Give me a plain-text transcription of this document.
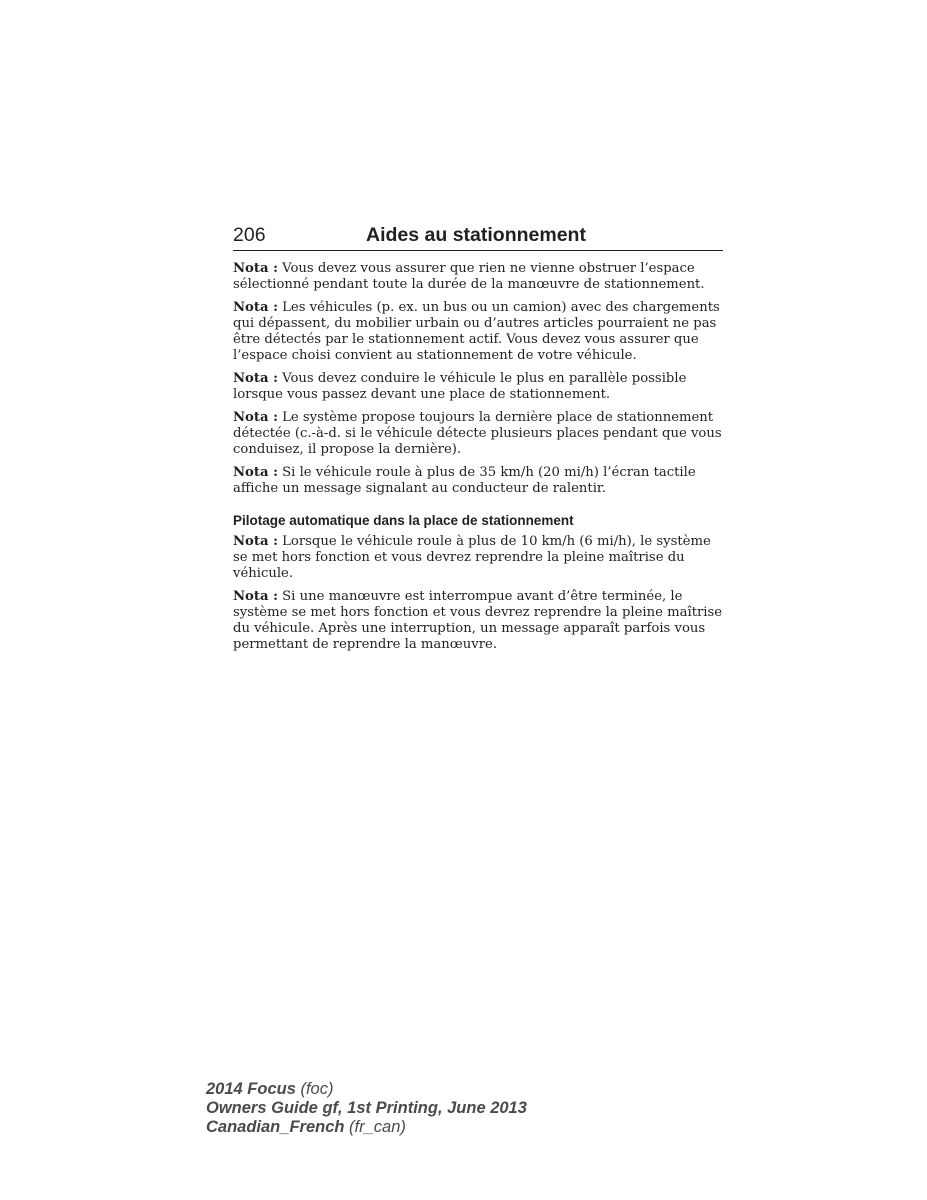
206	Aides au stationnement

Nota : Vous devez vous assurer que rien ne vienne obstruer l’espace sélectionné pendant toute la durée de la manœuvre de stationnement.

Nota : Les véhicules (p. ex. un bus ou un camion) avec des chargements qui dépassent, du mobilier urbain ou d’autres articles pourraient ne pas être détectés par le stationnement actif. Vous devez vous assurer que l’espace choisi convient au stationnement de votre véhicule.

Nota : Vous devez conduire le véhicule le plus en parallèle possible lorsque vous passez devant une place de stationnement.

Nota : Le système propose toujours la dernière place de stationnement détectée (c.-à-d. si le véhicule détecte plusieurs places pendant que vous conduisez, il propose la dernière).

Nota : Si le véhicule roule à plus de 35 km/h (20 mi/h) l’écran tactile affiche un message signalant au conducteur de ralentir.

Pilotage automatique dans la place de stationnement

Nota : Lorsque le véhicule roule à plus de 10 km/h (6 mi/h), le système se met hors fonction et vous devrez reprendre la pleine maîtrise du véhicule.

Nota : Si une manœuvre est interrompue avant d’être terminée, le système se met hors fonction et vous devrez reprendre la pleine maîtrise du véhicule. Après une interruption, un message apparaît parfois vous permettant de reprendre la manœuvre.

2014 Focus (foc)
Owners Guide gf, 1st Printing, June 2013
Canadian_French (fr_can)
